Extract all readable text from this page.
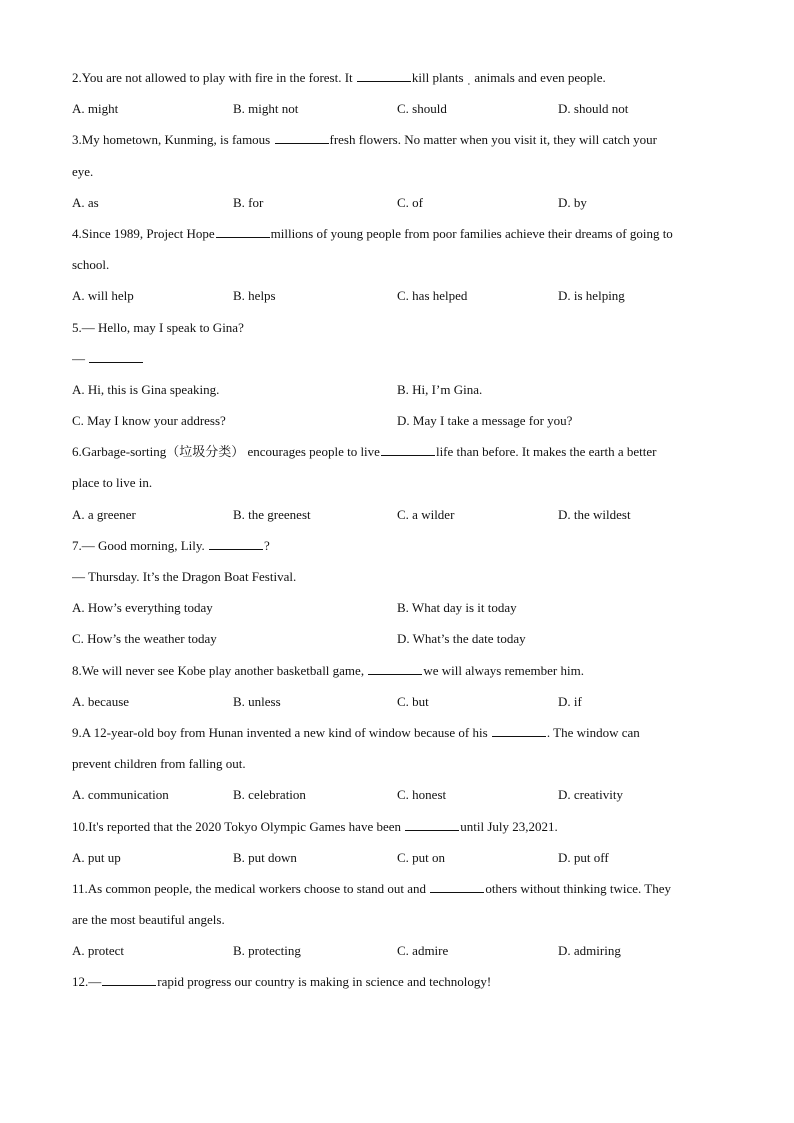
2.You are not allowed to play with fire in the forest. It	kill plants ˌ animals and even people.
A. might	B. might not	C. should	D. should not
3.My hometown, Kunming, is famous	fresh flowers. No matter when you visit it, they will catch your
eye.
A. as	B. for	C. of	D. by
4.Since 1989, Project Hope	millions of young people from poor families achieve their dreams of going to
school.
A. will help	B. helps	C. has helped	D. is helping
5.— Hello, may I speak to Gina?
—
A. Hi, this is Gina speaking.	B. Hi, I’m Gina.
C. May I know your address?	D. May I take a message for you?
6.Garbage-sorting（垃圾分类） encourages people to live	life than before. It makes the earth a better
place to live in.
A. a greener	B. the greenest	C. a wilder	D. the wildest
7.— Good morning, Lily.	?
— Thursday. It’s the Dragon Boat Festival.
A. How’s everything today	B. What day is it today
C. How’s the weather today	D. What’s the date today
8.We will never see Kobe play another basketball game,	we will always remember him.
A. because	B. unless	C. but	D. if
9.A 12-year-old boy from Hunan invented a new kind of window because of his	. The window can
prevent children from falling out.
A. communication	B. celebration	C. honest	D. creativity
10.It's reported that the 2020 Tokyo Olympic Games have been	until July 23,2021.
A. put up	B. put down	C. put on	D. put off
11.As common people, the medical workers choose to stand out and	others without thinking twice. They
are the most beautiful angels.
A. protect	B. protecting	C. admire	D. admiring
12.—	rapid progress our country is making in science and technology!
